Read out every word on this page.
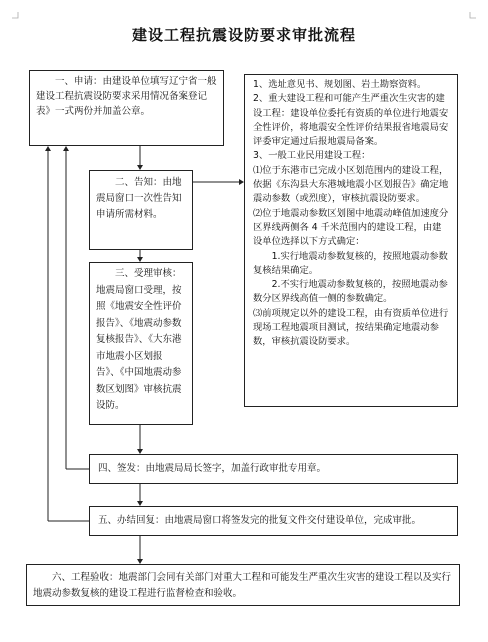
建设工程抗震设防要求审批流程

一、申请：由建设单位填写辽宁省一般建设工程抗震设防要求采用情况备案登记表》一式两份并加盖公章。

1、选址意见书、规划图、岩土勘察资料。

2、重大建设工程和可能产生严重次生灾害的建设工程：建设单位委托有资质的单位进行地震安全性评价，将地震安全性评价结果报省地震局安评委审定通过后报地震局备案。

3、一般工业民用建设工程：

⑴位于东港市已完成小区划范围内的建设工程，依据《东沟县大东港城地震小区划报告》确定地震动参数（或烈度），审核抗震设防要求。

⑵位于地震动参数区划图中地震动峰值加速度分区界线两侧各 4 千米范围内的建设工程，由建设单位选择以下方式确定：

1.实行地震动参数复核的，按照地震动参数复核结果确定。

2.不实行地震动参数复核的，按照地震动参数分区界线高值一侧的参数确定。

⑶前项规定以外的建设工程，由有资质单位进行现场工程地震项目测试，按结果确定地震动参数，审核抗震设防要求。

二、告知：由地震局窗口一次性告知申请所需材料。

三、受理审核：地震局窗口受理，按照《地震安全性评价报告》、《地震动参数复核报告》、《大东港市地震小区划报告》、《中国地震动参数区划图》审核抗震设防。

四、签发：由地震局局长签字，加盖行政审批专用章。

五、办结回复：由地震局窗口将签发完的批复文件交付建设单位，完成审批。

六、工程验收：地震部门会同有关部门对重大工程和可能发生严重次生灾害的建设工程以及实行地震动参数复核的建设工程进行监督检查和验收。
